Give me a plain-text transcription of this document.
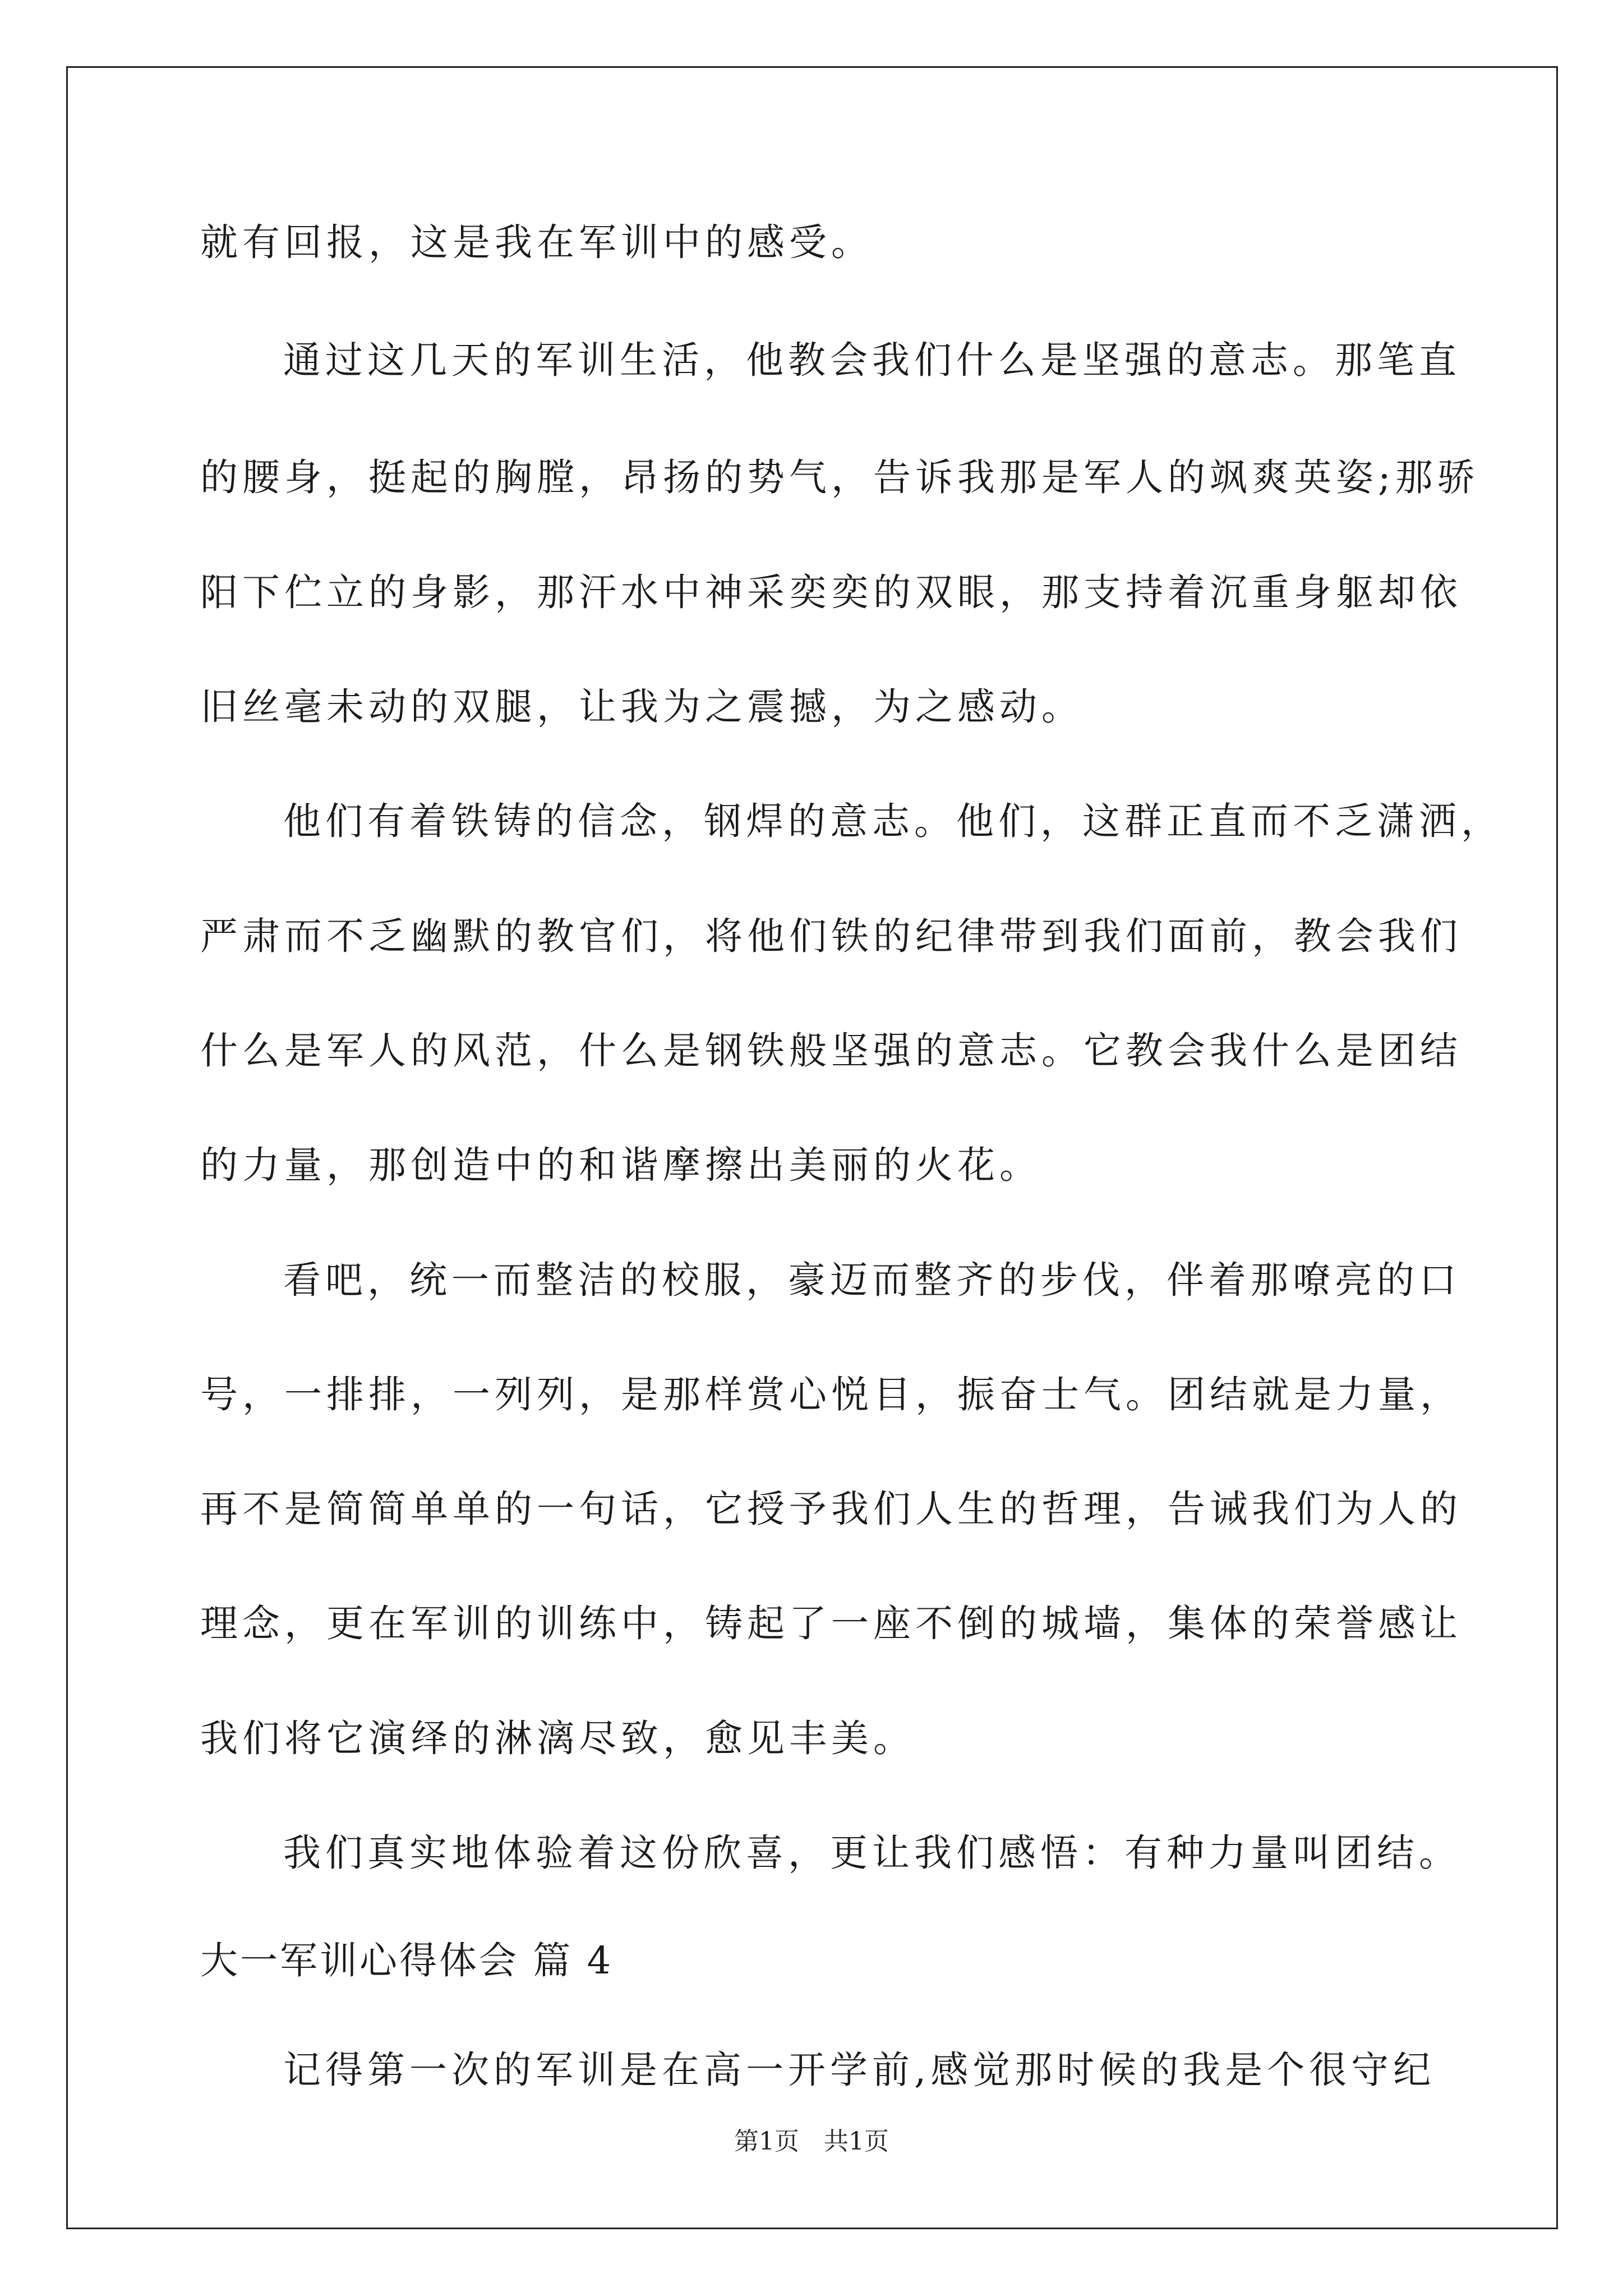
就有回报，这是我在军训中的感受。

通过这几天的军训生活，他教会我们什么是坚强的意志。那笔直

的腰身，挺起的胸膛，昂扬的势气，告诉我那是军人的飒爽英姿;那骄

阳下伫立的身影，那汗水中神采奕奕的双眼，那支持着沉重身躯却依

旧丝毫未动的双腿，让我为之震撼，为之感动。

他们有着铁铸的信念，钢焊的意志。他们，这群正直而不乏潇洒，

严肃而不乏幽默的教官们，将他们铁的纪律带到我们面前，教会我们

什么是军人的风范，什么是钢铁般坚强的意志。它教会我什么是团结

的力量，那创造中的和谐摩擦出美丽的火花。

看吧，统一而整洁的校服，豪迈而整齐的步伐，伴着那嘹亮的口

号，一排排，一列列，是那样赏心悦目，振奋士气。团结就是力量，

再不是简简单单的一句话，它授予我们人生的哲理，告诫我们为人的

理念，更在军训的训练中，铸起了一座不倒的城墙，集体的荣誉感让

我们将它演绎的淋漓尽致，愈见丰美。

我们真实地体验着这份欣喜，更让我们感悟：有种力量叫团结。

大一军训心得体会 篇 4

记得第一次的军训是在高一开学前,感觉那时候的我是个很守纪

第1页　共1页
